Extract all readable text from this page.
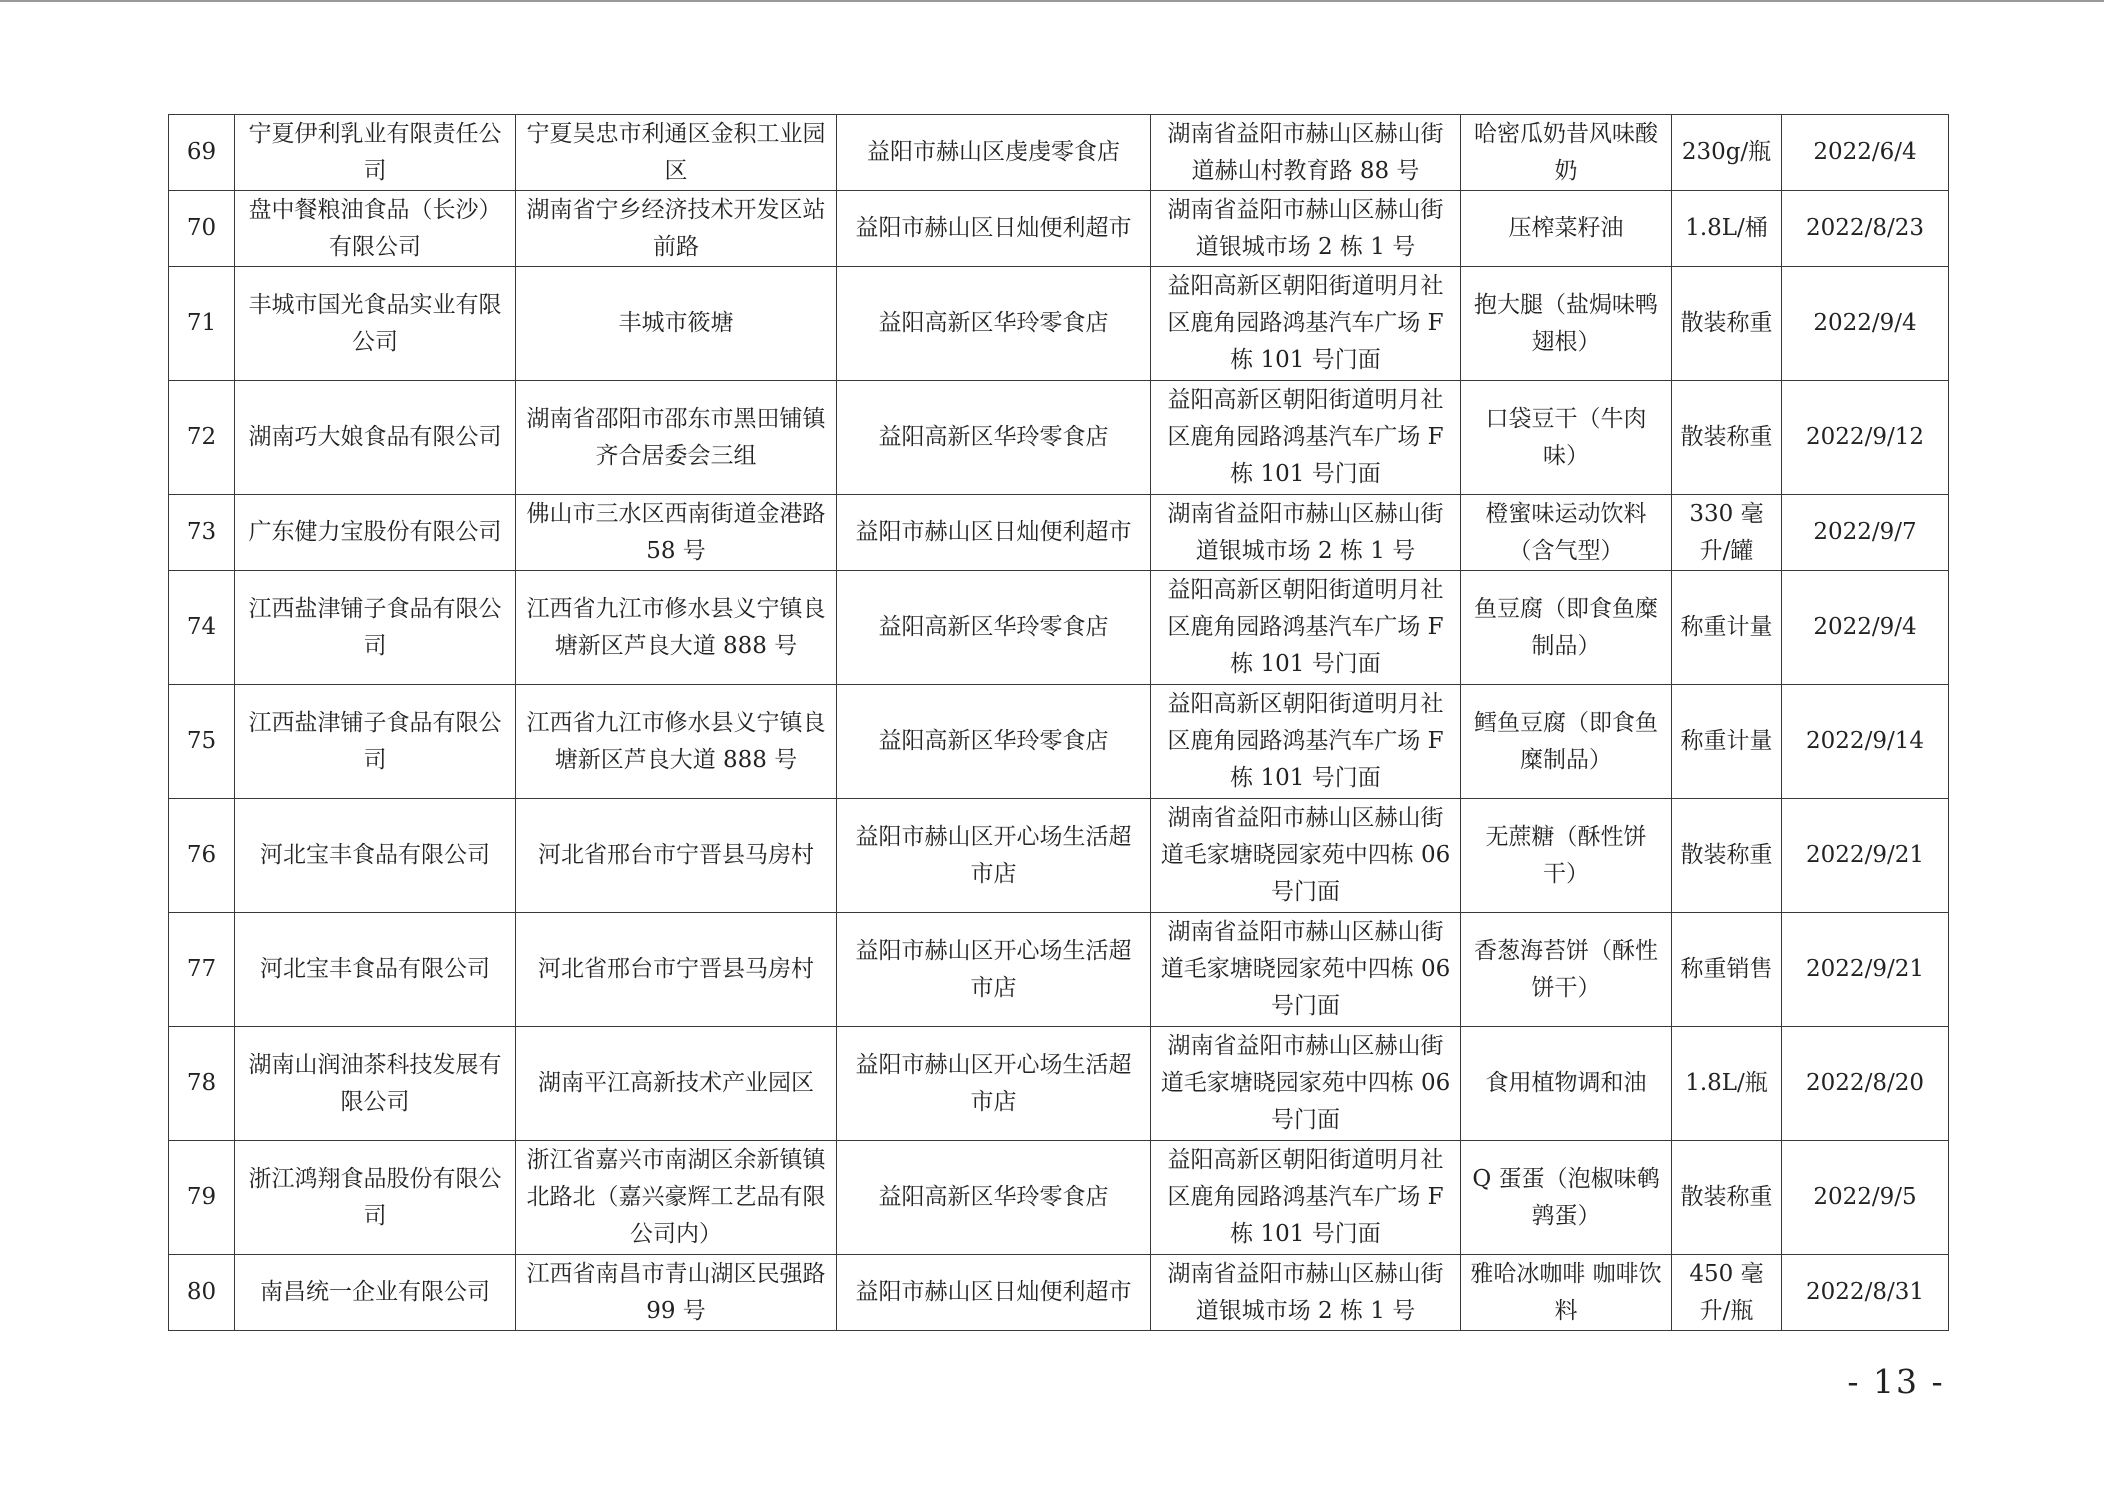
69	宁夏伊利乳业有限责任公司	宁夏吴忠市利通区金积工业园区	益阳市赫山区虔虔零食店	湖南省益阳市赫山区赫山街道赫山村教育路 88 号	哈密瓜奶昔风味酸奶	230g/瓶	2022/6/4
70	盘中餐粮油食品（长沙）有限公司	湖南省宁乡经济技术开发区站前路	益阳市赫山区日灿便利超市	湖南省益阳市赫山区赫山街道银城市场 2 栋 1 号	压榨菜籽油	1.8L/桶	2022/8/23
71	丰城市国光食品实业有限公司	丰城市筱塘	益阳高新区华玲零食店	益阳高新区朝阳街道明月社区鹿角园路鸿基汽车广场 F 栋 101 号门面	抱大腿（盐焗味鸭翅根）	散装称重	2022/9/4
72	湖南巧大娘食品有限公司	湖南省邵阳市邵东市黑田铺镇齐合居委会三组	益阳高新区华玲零食店	益阳高新区朝阳街道明月社区鹿角园路鸿基汽车广场 F 栋 101 号门面	口袋豆干（牛肉味）	散装称重	2022/9/12
73	广东健力宝股份有限公司	佛山市三水区西南街道金港路 58 号	益阳市赫山区日灿便利超市	湖南省益阳市赫山区赫山街道银城市场 2 栋 1 号	橙蜜味运动饮料（含气型）	330 毫升/罐	2022/9/7
74	江西盐津铺子食品有限公司	江西省九江市修水县义宁镇良塘新区芦良大道 888 号	益阳高新区华玲零食店	益阳高新区朝阳街道明月社区鹿角园路鸿基汽车广场 F 栋 101 号门面	鱼豆腐（即食鱼糜制品）	称重计量	2022/9/4
75	江西盐津铺子食品有限公司	江西省九江市修水县义宁镇良塘新区芦良大道 888 号	益阳高新区华玲零食店	益阳高新区朝阳街道明月社区鹿角园路鸿基汽车广场 F 栋 101 号门面	鳕鱼豆腐（即食鱼糜制品）	称重计量	2022/9/14
76	河北宝丰食品有限公司	河北省邢台市宁晋县马房村	益阳市赫山区开心场生活超市店	湖南省益阳市赫山区赫山街道毛家塘晓园家苑中四栋 06 号门面	无蔗糖（酥性饼干）	散装称重	2022/9/21
77	河北宝丰食品有限公司	河北省邢台市宁晋县马房村	益阳市赫山区开心场生活超市店	湖南省益阳市赫山区赫山街道毛家塘晓园家苑中四栋 06 号门面	香葱海苔饼（酥性饼干）	称重销售	2022/9/21
78	湖南山润油茶科技发展有限公司	湖南平江高新技术产业园区	益阳市赫山区开心场生活超市店	湖南省益阳市赫山区赫山街道毛家塘晓园家苑中四栋 06 号门面	食用植物调和油	1.8L/瓶	2022/8/20
79	浙江鸿翔食品股份有限公司	浙江省嘉兴市南湖区余新镇镇北路北（嘉兴豪辉工艺品有限公司内）	益阳高新区华玲零食店	益阳高新区朝阳街道明月社区鹿角园路鸿基汽车广场 F 栋 101 号门面	Q 蛋蛋（泡椒味鹌鹑蛋）	散装称重	2022/9/5
80	南昌统一企业有限公司	江西省南昌市青山湖区民强路 99 号	益阳市赫山区日灿便利超市	湖南省益阳市赫山区赫山街道银城市场 2 栋 1 号	雅哈冰咖啡 咖啡饮料	450 毫升/瓶	2022/8/31
- 13 -
